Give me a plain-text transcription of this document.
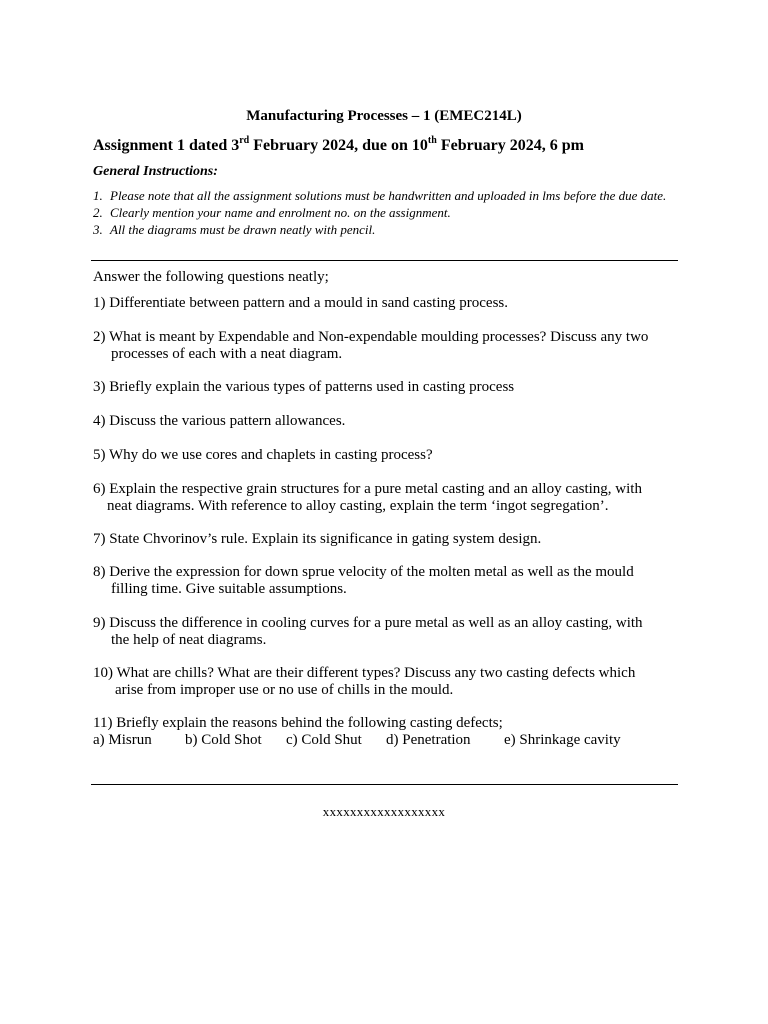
Manufacturing Processes – 1 (EMEC214L)
Assignment 1 dated 3rd February 2024, due on 10th February 2024, 6 pm
General Instructions:
1. Please note that all the assignment solutions must be handwritten and uploaded in lms before the due date.
2. Clearly mention your name and enrolment no. on the assignment.
3. All the diagrams must be drawn neatly with pencil.
Answer the following questions neatly;
1) Differentiate between pattern and a mould in sand casting process.
2) What is meant by Expendable and Non-expendable moulding processes? Discuss any two
processes of each with a neat diagram.
3) Briefly explain the various types of patterns used in casting process
4) Discuss the various pattern allowances.
5) Why do we use cores and chaplets in casting process?
6) Explain the respective grain structures for a pure metal casting and an alloy casting, with
neat diagrams. With reference to alloy casting, explain the term ‘ingot segregation’.
7) State Chvorinov’s rule. Explain its significance in gating system design.
8) Derive the expression for down sprue velocity of the molten metal as well as the mould
filling time. Give suitable assumptions.
9) Discuss the difference in cooling curves for a pure metal as well as an alloy casting, with
the help of neat diagrams.
10) What are chills? What are their different types? Discuss any two casting defects which
arise from improper use or no use of chills in the mould.
11) Briefly explain the reasons behind the following casting defects;
a) Misrun b) Cold Shot c) Cold Shut d) Penetration e) Shrinkage cavity
xxxxxxxxxxxxxxxxxx
